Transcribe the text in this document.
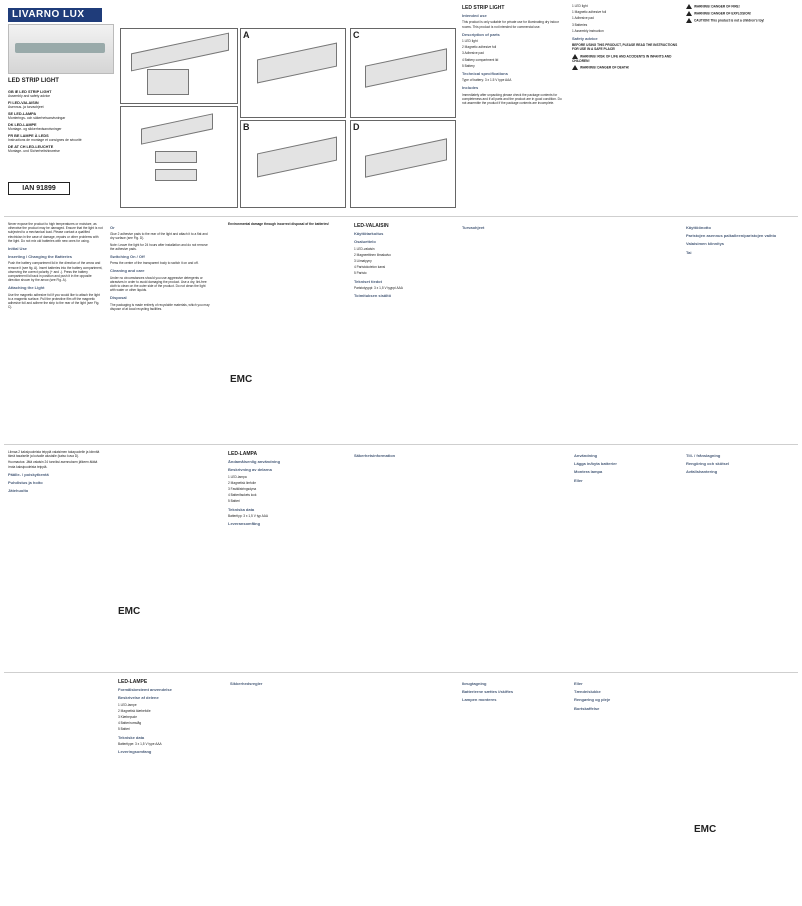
LIVARNO LUX
LED STRIP LIGHT
GB IE LED STRIP LIGHT
Assembly and safety advice
FI LED-VALAISIN
Asennus- ja turvaohjeet
SE LED-LAMPA
Monterings- och säkerhetsanvisningar
DK LED-LAMPE
Montage- og sikkerhedsanvisninger
FR BE LAMPE À LEDS
Instructions de montage et consignes de sécurité
DE AT CH LED-LEUCHTE
Montage- und Sicherheitshinweise
IAN 91899
A
B
C
D
LED STRIP LIGHT
Intended use
This product is only suitable for private use for illuminating dry indoor rooms. This product is not intended for commercial use.
Description of parts
1 LED light
2 Magnetic adhesive foil
3 Adhesive pad
4 Battery compartment lid
5 Battery
Technical specifications
Type of battery: 3 x 1.5 V type AAA
Includes
Immediately after unpacking please check the package contents for completeness and if all parts and the product are in good condition. Do not assemble the product if the package contents are incomplete.
1 LED light
1 Magnetic adhesive foil
1 Adhesive pad
3 Batteries
1 Assembly instruction
Safety advice
BEFORE USING THIS PRODUCT, PLEASE READ THE INSTRUCTIONS FOR USE IN A SAFE PLACE!
WARNING! RISK OF LIFE AND ACCIDENTS IN INFANTS AND CHILDREN!
WARNING! DANGER OF DEATH!
WARNING! DANGER OF FIRE!
WARNING! DANGER OF EXPLOSION!
CAUTION! This product is not a children's toy!
Never expose the product to high temperatures or moisture, as otherwise the product may be damaged. Ensure that the light is not subjected to a mechanical load. Please contact a qualified electrician in the case of damage, repairs or other problems with the light. Do not mix old batteries with new ones for using.
Initial Use
Inserting / Changing the Batteries
Push the battery compartment lid in the direction of the arrow and remove it (see fig. A). Insert batteries into the battery compartment, observing the correct polarity (+ and -). Press the battery compartment lid back in position and push it in the opposite direction shown by the arrow (see Fig. A).
Attaching the Light
Use the magnetic adhesive foil if you would like to attach the light to a magnetic surface. Pull the protective film off the magnetic adhesive foil and adhere the strip to the rear of the light (see Fig. C).
Or
Glue 2 adhesive pads to the rear of the light and attach it to a flat and dry surface (see Fig. D).
Note: Leave the light for 24 hours after installation and do not remove the adhesive pads.
Switching On / Off
Press the centre of the transparent body to switch it on and off.
Cleaning and care
Under no circumstances should you use aggressive detergents or abrasives in order to avoid damaging the product. Use a dry, lint-free cloth to clean on the outer side of the product. Do not clean the light with water or other liquids.
Disposal
The packaging is made entirely of recyclable materials, which you may dispose of at local recycling facilities.
Environmental damage through incorrect disposal of the batteries!
EMC
LED-VALAISIN
Käyttötarkoitus
Osaluettelo
1 LED-valaisin
2 Magneettinen liimakalvo
3 Liimatyyny
4 Paristokotelon kansi
5 Paristo
Tekniset tiedot
Paristotyyppi: 3 x 1,5 V tyyppi AAA
Toimituksen sisältö
Turvaohjeet	Käyttöönotto
Paristojen asennus paikalleen/paristojen vaihto
Valaisimen kiinnitys
Tai
Liimaa 2 kaksipuoleista teippiä valaisimen takapuolelle ja kiinnitä tämä tasaiselle ja kuivalle alustalle (katso kuva D).
Huomautus: Jätä valaisin 24 tunniksi asennuksen jälkeen äläkä irrota kaksipuoleista teippiä.
Päälle- / poiskytkentä
Puhdistus ja hoito
Jätehuolto
EMC
LED-LAMPA
Ändamålsenlig användning
Beskrivning av delarna
1 LED-lampa
2 Magnetisk limfolie
3 Fastklistringsdyna
4 Batterifackets lock
5 Batteri
Tekniska data
Batterityp: 3 x 1,5 V typ AAA
Leveransomfång
Säkerhetsinformation	Användning
Lägga in/byta batterier
Montera lampa
Eller
Till- / frånslagning
Rengöring och skötsel
Avfallshantering
LED-LAMPE
Formålsbestemt anvendelse
Beskrivelse af delene
1 LED-lampe
2 Magnetisk klæbefolie
3 Klæbepude
4 Batterirumslåg
5 Batteri
Tekniske data
Batteritype: 3 x 1,5 V type AAA
Leveringsomfang
Sikkerhedsregler	Ibrugtagning
Batterierne sættes i/skiftes
Lampen monteres
Eller
Tænde/slukke
Rengøring og pleje
Bortskaffelse
EMC
